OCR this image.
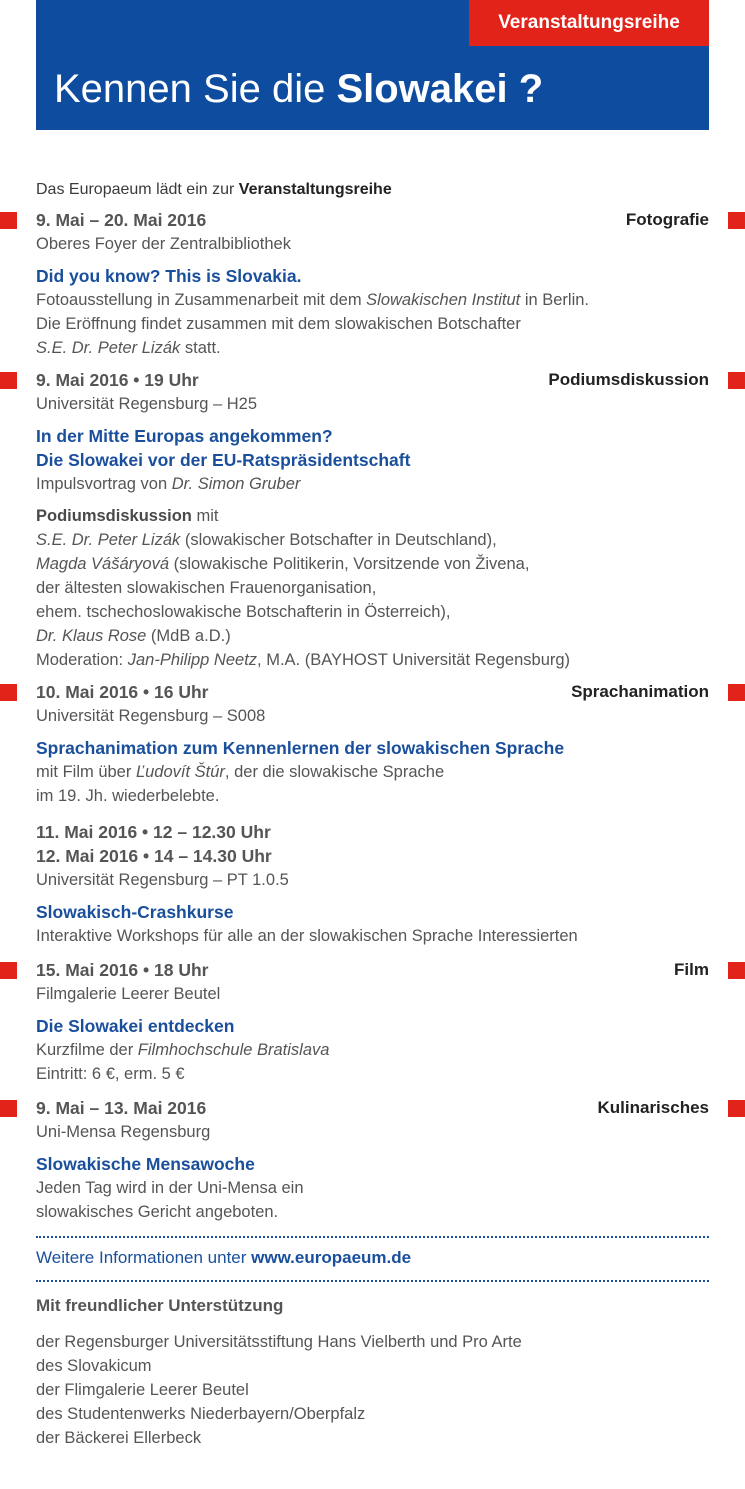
Veranstaltungsreihe
Kennen Sie die Slowakei ?
Das Europaeum lädt ein zur Veranstaltungsreihe
9. Mai – 20. Mai 2016	Fotografie
Oberes Foyer der Zentralbibliothek
Did you know? This is Slovakia.
Fotoausstellung in Zusammenarbeit mit dem Slowakischen Institut in Berlin.
Die Eröffnung findet zusammen mit dem slowakischen Botschafter
S.E. Dr. Peter Lizák statt.
9. Mai 2016 • 19 Uhr	Podiumsdiskussion
Universität Regensburg – H25
In der Mitte Europas angekommen?
Die Slowakei vor der EU-Ratspräsidentschaft
Impulsvortrag von Dr. Simon Gruber
Podiumsdiskussion mit
S.E. Dr. Peter Lizák (slowakischer Botschafter in Deutschland),
Magda Vášáryová (slowakische Politikerin, Vorsitzende von Živena,
der ältesten slowakischen Frauenorganisation,
ehem. tschechoslowakische Botschafterin in Österreich),
Dr. Klaus Rose (MdB a.D.)
Moderation: Jan-Philipp Neetz, M.A. (BAYHOST Universität Regensburg)
10. Mai 2016 • 16 Uhr	Sprachanimation
Universität Regensburg – S008
Sprachanimation zum Kennenlernen der slowakischen Sprache
mit Film über Ľudovít Štúr, der die slowakische Sprache
im 19. Jh. wiederbelebte.
11. Mai 2016 • 12 – 12.30 Uhr
12. Mai 2016 • 14 – 14.30 Uhr
Universität Regensburg – PT 1.0.5
Slowakisch-Crashkurse
Interaktive Workshops für alle an der slowakischen Sprache Interessierten
15. Mai 2016 • 18 Uhr	Film
Filmgalerie Leerer Beutel
Die Slowakei entdecken
Kurzfilme der Filmhochschule Bratislava
Eintritt: 6 €, erm. 5 €
9. Mai – 13. Mai 2016	Kulinarisches
Uni-Mensa Regensburg
Slowakische Mensawoche
Jeden Tag wird in der Uni-Mensa ein
slowakisches Gericht angeboten.
Weitere Informationen unter www.europaeum.de
Mit freundlicher Unterstützung
der Regensburger Universitätsstiftung Hans Vielberth und Pro Arte
des Slovakicum
der Flimgalerie Leerer Beutel
des Studentenwerks Niederbayern/Oberpfalz
der Bäckerei Ellerbeck
